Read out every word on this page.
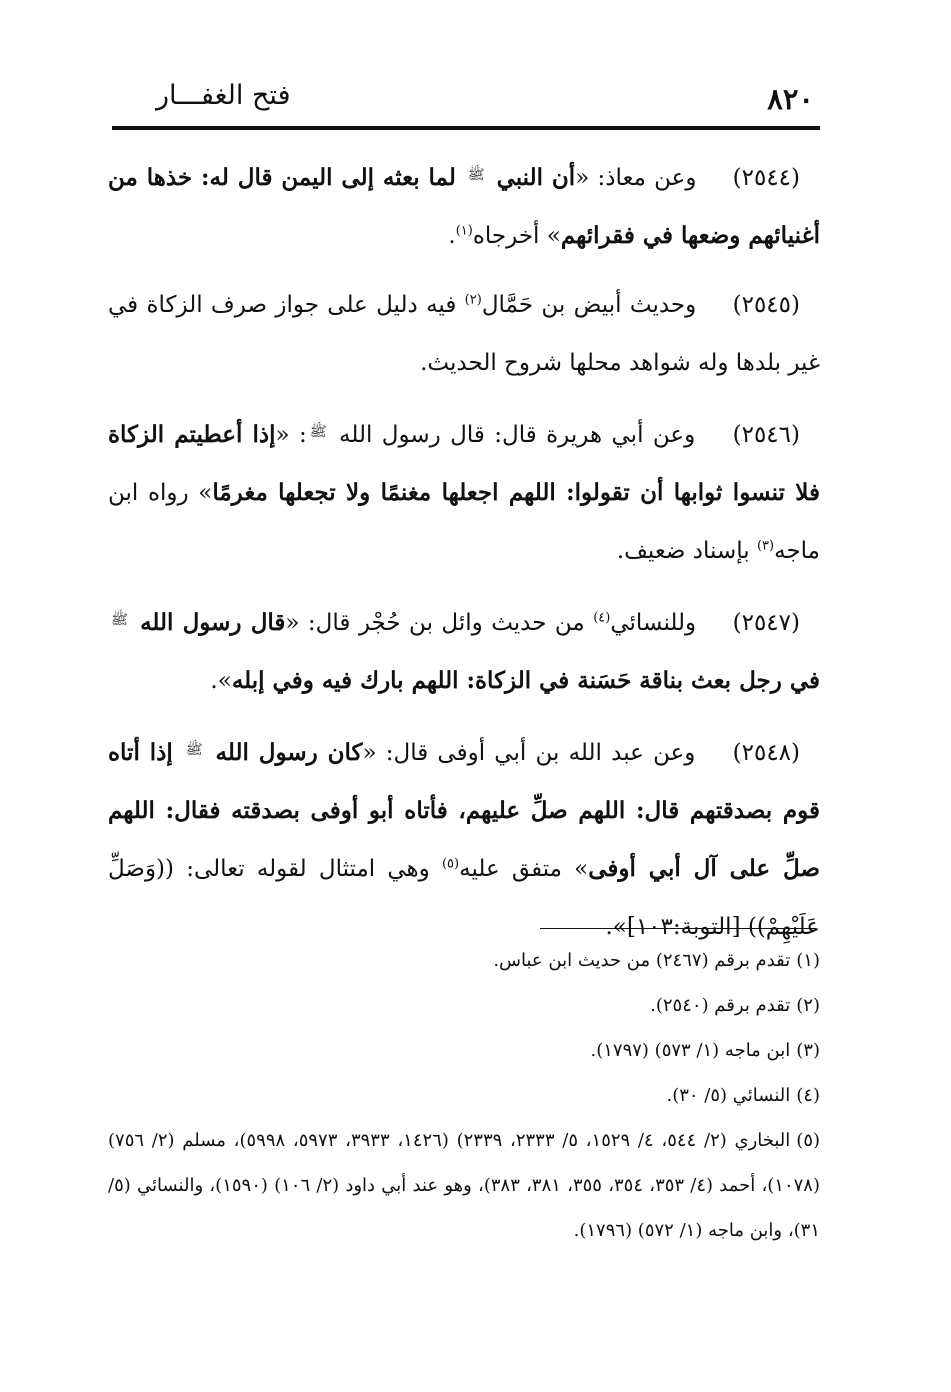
٨٢٠
فتح الغفـــار

(٢٥٤٤) وعن معاذ: «أن النبي $^ﷺ$ لما بعثه إلى اليمن قال له: خذها من أغنيائهم وضعها في فقرائهم» أخرجاه$^{(١)}$.

(٢٥٤٥) وحديث أبيض بن حَمَّال$^{(٢)}$ فيه دليل على جواز صرف الزكاة في غير بلدها وله شواهد محلها شروح الحديث.

(٢٥٤٦) وعن أبي هريرة قال: قال رسول الله $^ﷺ$: «إذا أعطيتم الزكاة فلا تنسوا ثوابها أن تقولوا: اللهم اجعلها مغنمًا ولا تجعلها مغرمًا» رواه ابن ماجه$^{(٣)}$ بإسناد ضعيف.

(٢٥٤٧) وللنسائي$^{(٤)}$ من حديث وائل بن حُجْر قال: «قال رسول الله $^ﷺ$ في رجل بعث بناقة حَسَنة في الزكاة: اللهم بارك فيه وفي إبله».

(٢٥٤٨) وعن عبد الله بن أبي أوفى قال: «كان رسول الله $^ﷺ$ إذا أتاه قوم بصدقتهم قال: اللهم صلِّ عليهم، فأتاه أبو أوفى بصدقته فقال: اللهم صلِّ على آل أبي أوفى» متفق عليه$^{(٥)}$ وهي امتثال لقوله تعالى: ((وَصَلِّ عَلَيْهِمْ)) [التوبة:١٠٣]».

(١)تقدم برقم (٢٤٦٧) من حديث ابن عباس.

(٢)تقدم برقم (٢٥٤٠).

(٣)ابن ماجه (١/ ٥٧٣) (١٧٩٧).

(٤)النسائي (٥/ ٣٠).

(٥)البخاري (٢/ ٥٤٤، ٤/ ١٥٢٩، ٥/ ٢٣٣٣، ٢٣٣٩) (١٤٢٦، ٣٩٣٣، ٥٩٧٣، ٥٩٩٨)، مسلم (٢/ ٧٥٦) (١٠٧٨)، أحمد (٤/ ٣٥٣، ٣٥٤، ٣٥٥، ٣٨١، ٣٨٣)، وهو عند أبي داود (٢/ ١٠٦) (١٥٩٠)، والنسائي (٥/ ٣١)، وابن ماجه (١/ ٥٧٢) (١٧٩٦).
